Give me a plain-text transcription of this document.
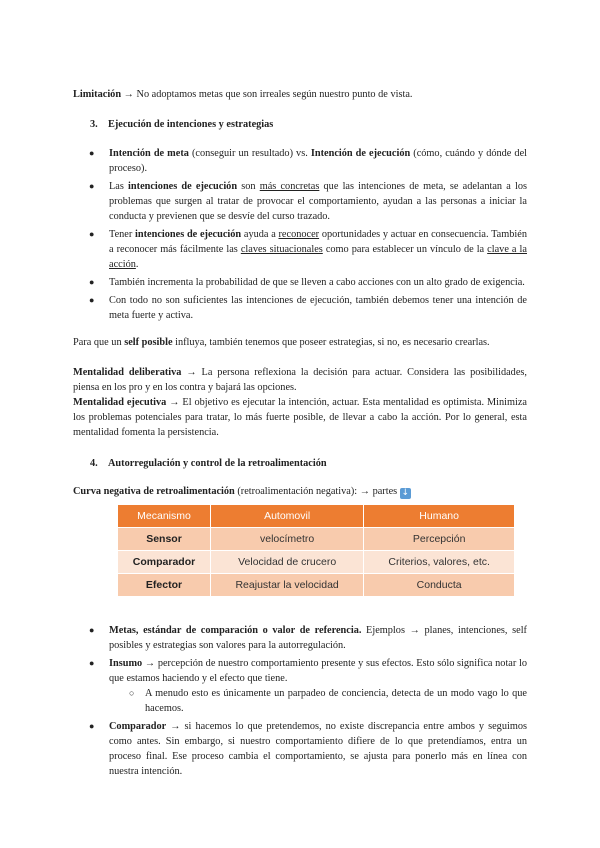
Limitación → No adoptamos metas que son irreales según nuestro punto de vista.

3. Ejecución de intenciones y estrategias

● Intención de meta (conseguir un resultado) vs. Intención de ejecución (cómo, cuándo y dónde del proceso).
● Las intenciones de ejecución son más concretas que las intenciones de meta, se adelantan a los problemas que surgen al tratar de provocar el comportamiento, ayudan a las personas a iniciar la conducta y previenen que se desvíe del curso trazado.
● Tener intenciones de ejecución ayuda a reconocer oportunidades y actuar en consecuencia. También a reconocer más fácilmente las claves situacionales como para establecer un vínculo de la clave a la acción.
● También incrementa la probabilidad de que se lleven a cabo acciones con un alto grado de exigencia.
● Con todo no son suficientes las intenciones de ejecución, también debemos tener una intención de meta fuerte y activa.

Para que un self posible influya, también tenemos que poseer estrategias, si no, es necesario crearlas.

Mentalidad deliberativa → La persona reflexiona la decisión para actuar. Considera las posibilidades, piensa en los pro y en los contra y bajará las opciones.

Mentalidad ejecutiva → El objetivo es ejecutar la intención, actuar. Esta mentalidad es optimista. Minimiza los problemas potenciales para tratar, lo más fuerte posible, de llevar a cabo la acción. Por lo general, esta mentalidad fomenta la persistencia.

4. Autorregulación y control de la retroalimentación

Curva negativa de retroalimentación (retroalimentación negativa): → partes ↓

Mecanismo	Automovil	Humano
Sensor	velocímetro	Percepción
Comparador	Velocidad de crucero	Criterios, valores, etc.
Efector	Reajustar la velocidad	Conducta
● Metas, estándar de comparación o valor de referencia. Ejemplos → planes, intenciones, self posibles y estrategias son valores para la autorregulación.
● Insumo → percepción de nuestro comportamiento presente y sus efectos. Esto sólo significa notar lo que estamos haciendo y el efecto que tiene.
○ A menudo esto es únicamente un parpadeo de conciencia, detecta de un modo vago lo que hacemos.
● Comparador → si hacemos lo que pretendemos, no existe discrepancia entre ambos y seguimos como antes. Sin embargo, si nuestro comportamiento difiere de lo que pretendíamos, entra un proceso final. Ese proceso cambia el comportamiento, se ajusta para ponerlo más en línea con nuestra intención.
